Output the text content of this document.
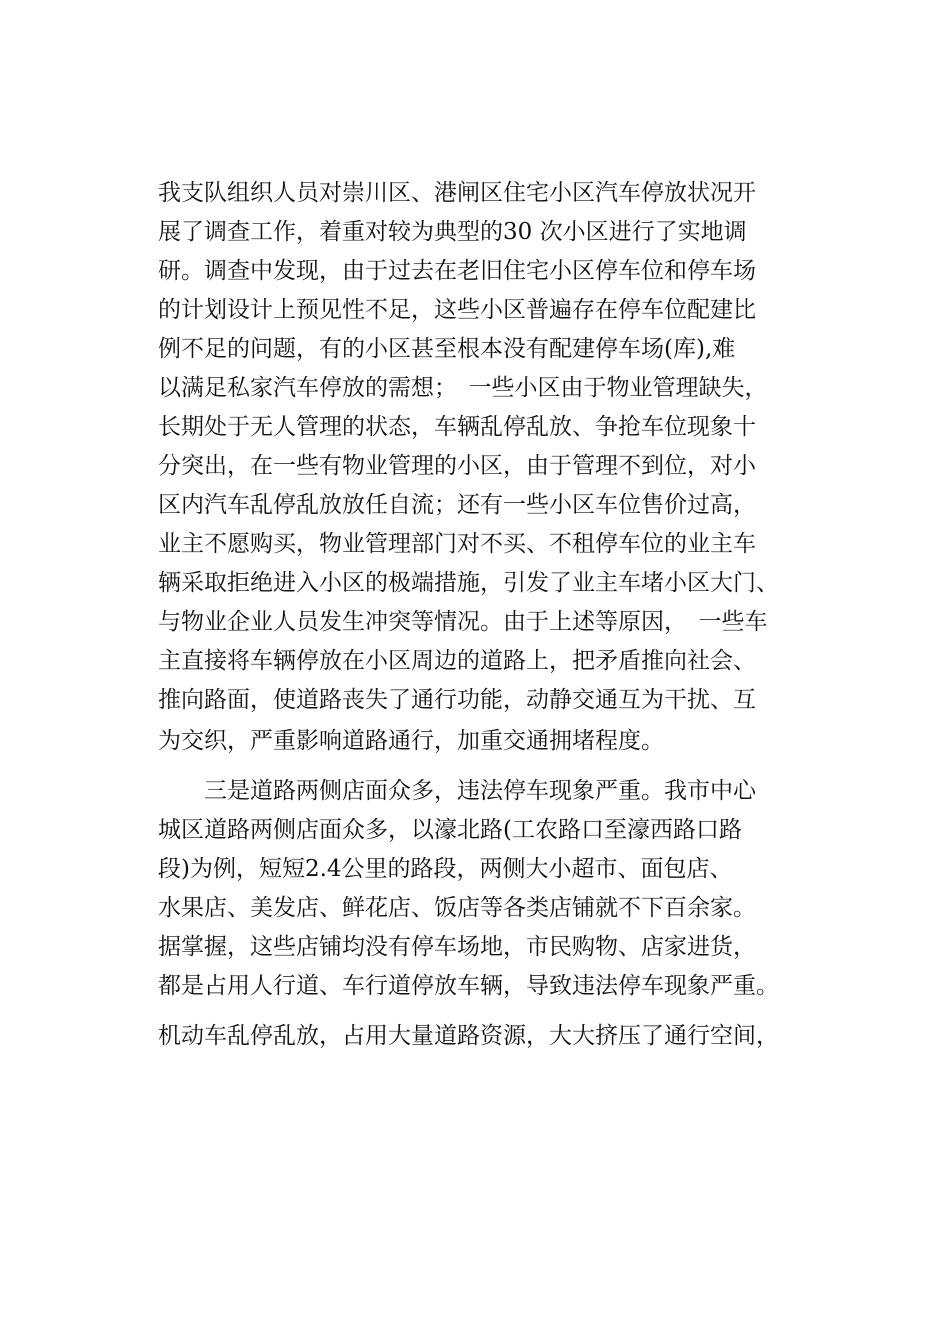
我支队组织人员对崇川区、港闸区住宅小区汽车停放状况开
展了调查工作，着重对较为典型的30 次小区进行了实地调
研。调查中发现，由于过去在老旧住宅小区停车位和停车场
的计划设计上预见性不足，这些小区普遍存在停车位配建比
例不足的问题，有的小区甚至根本没有配建停车场(库),难
以满足私家汽车停放的需想；　一些小区由于物业管理缺失，
长期处于无人管理的状态，车辆乱停乱放、争抢车位现象十
分突出，在一些有物业管理的小区，由于管理不到位，对小
区内汽车乱停乱放放任自流；还有一些小区车位售价过高，
业主不愿购买，物业管理部门对不买、不租停车位的业主车
辆采取拒绝进入小区的极端措施，引发了业主车堵小区大门、
与物业企业人员发生冲突等情况。由于上述等原因，　一些车
主直接将车辆停放在小区周边的道路上，把矛盾推向社会、
推向路面，使道路丧失了通行功能，动静交通互为干扰、互
为交织，严重影响道路通行，加重交通拥堵程度。
　　三是道路两侧店面众多，违法停车现象严重。我市中心
城区道路两侧店面众多，以濠北路(工农路口至濠西路口路
段)为例，短短2.4公里的路段，两侧大小超市、面包店、
水果店、美发店、鲜花店、饭店等各类店铺就不下百余家。
据掌握，这些店铺均没有停车场地，市民购物、店家进货，
都是占用人行道、车行道停放车辆，导致违法停车现象严重。
机动车乱停乱放，占用大量道路资源，大大挤压了通行空间，
